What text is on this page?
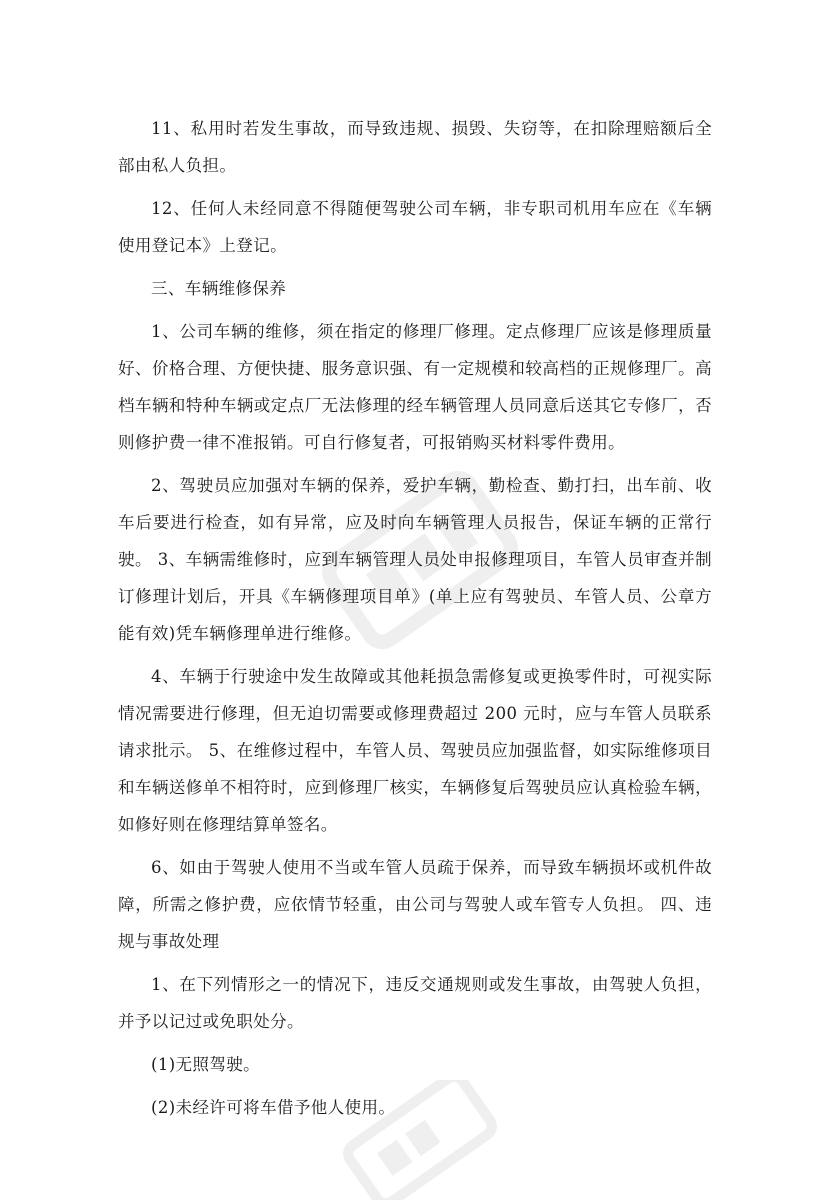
11、私用时若发生事故，而导致违规、损毁、失窃等，在扣除理赔额后全部由私人负担。

12、任何人未经同意不得随便驾驶公司车辆，非专职司机用车应在《车辆使用登记本》上登记。

三、车辆维修保养

1、公司车辆的维修，须在指定的修理厂修理。定点修理厂应该是修理质量好、价格合理、方便快捷、服务意识强、有一定规模和较高档的正规修理厂。高档车辆和特种车辆或定点厂无法修理的经车辆管理人员同意后送其它专修厂，否则修护费一律不准报销。可自行修复者，可报销购买材料零件费用。

2、驾驶员应加强对车辆的保养，爱护车辆，勤检查、勤打扫，出车前、收车后要进行检查，如有异常，应及时向车辆管理人员报告，保证车辆的正常行驶。 3、车辆需维修时，应到车辆管理人员处申报修理项目，车管人员审查并制订修理计划后，开具《车辆修理项目单》(单上应有驾驶员、车管人员、公章方能有效)凭车辆修理单进行维修。

4、车辆于行驶途中发生故障或其他耗损急需修复或更换零件时，可视实际情况需要进行修理，但无迫切需要或修理费超过 200 元时，应与车管人员联系请求批示。 5、在维修过程中，车管人员、驾驶员应加强监督，如实际维修项目和车辆送修单不相符时，应到修理厂核实，车辆修复后驾驶员应认真检验车辆，如修好则在修理结算单签名。

6、如由于驾驶人使用不当或车管人员疏于保养，而导致车辆损坏或机件故障，所需之修护费，应依情节轻重，由公司与驾驶人或车管专人负担。 四、违规与事故处理

1、在下列情形之一的情况下，违反交通规则或发生事故，由驾驶人负担，并予以记过或免职处分。

(1)无照驾驶。

(2)未经许可将车借予他人使用。
